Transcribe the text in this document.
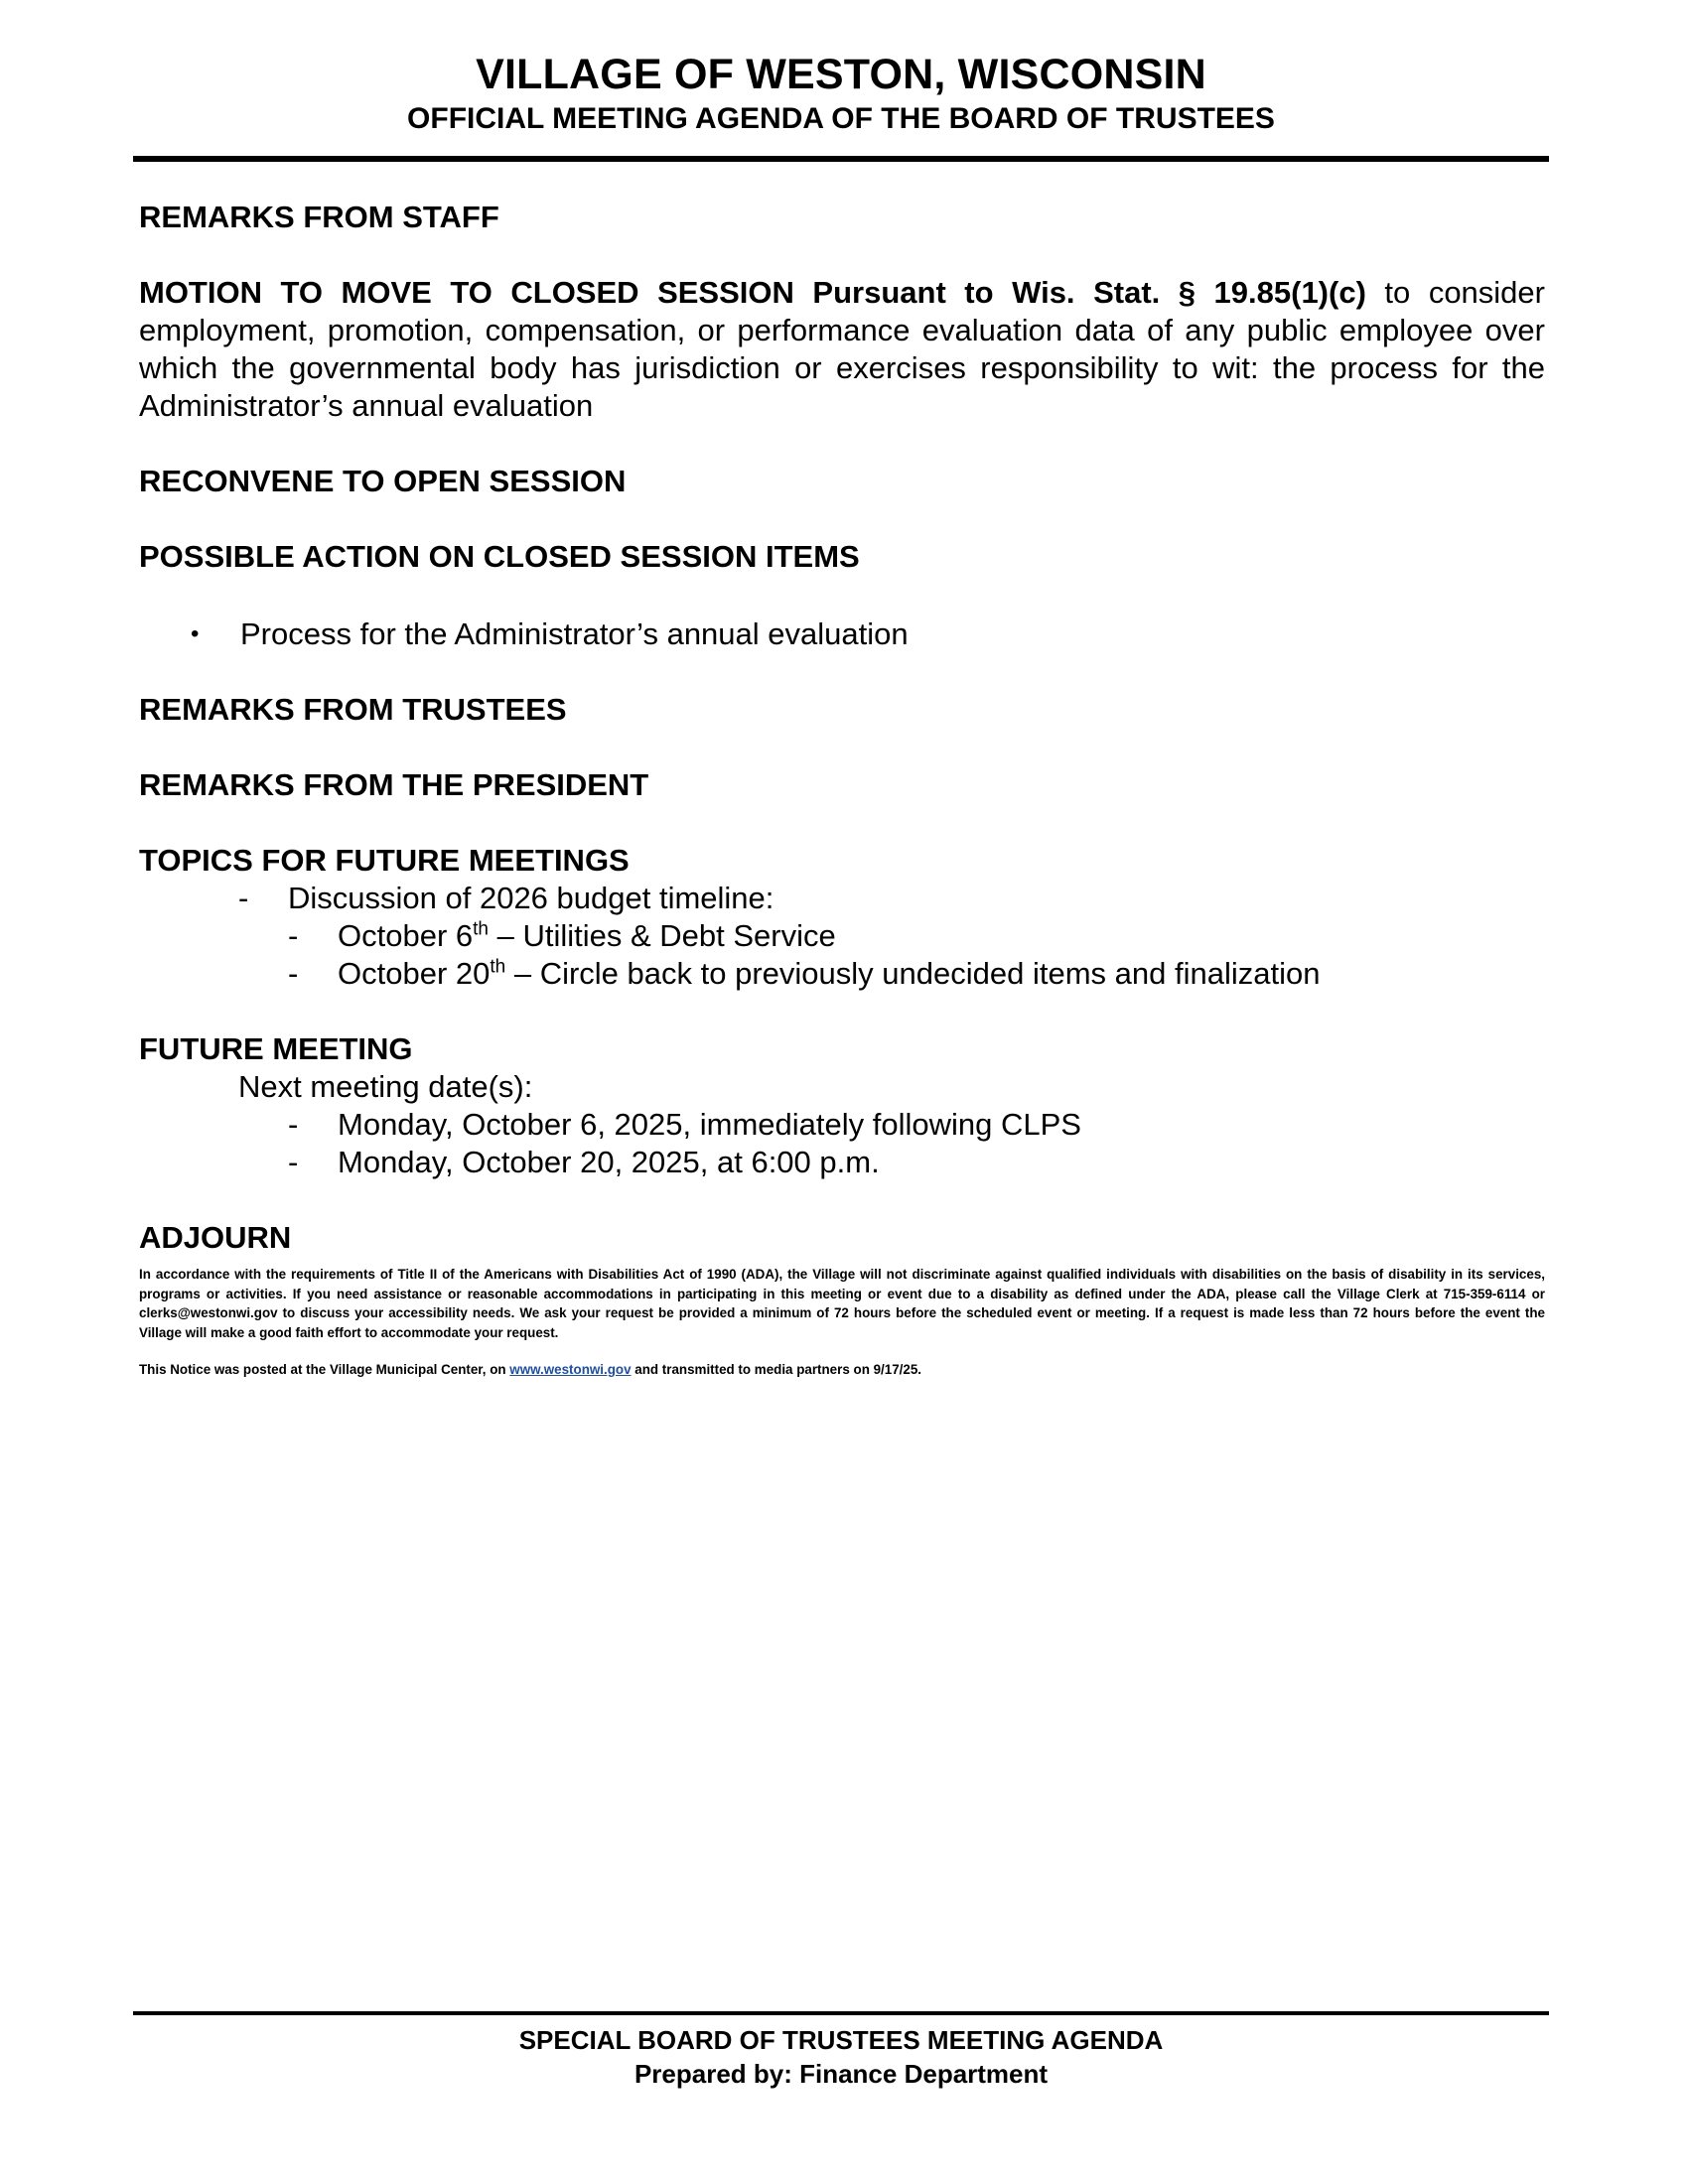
VILLAGE OF WESTON, WISCONSIN
OFFICIAL MEETING AGENDA OF THE BOARD OF TRUSTEES

REMARKS FROM STAFF

MOTION TO MOVE TO CLOSED SESSION Pursuant to Wis. Stat. § 19.85(1)(c) to consider employment, promotion, compensation, or performance evaluation data of any public employee over which the governmental body has jurisdiction or exercises responsibility to wit: the process for the Administrator’s annual evaluation

RECONVENE TO OPEN SESSION

POSSIBLE ACTION ON CLOSED SESSION ITEMS

• Process for the Administrator’s annual evaluation

REMARKS FROM TRUSTEES

REMARKS FROM THE PRESIDENT

TOPICS FOR FUTURE MEETINGS

- Discussion of 2026 budget timeline:

- October 6th – Utilities & Debt Service

- October 20th – Circle back to previously undecided items and finalization

FUTURE MEETING

Next meeting date(s):

- Monday, October 6, 2025, immediately following CLPS

- Monday, October 20, 2025, at 6:00 p.m.

ADJOURN

In accordance with the requirements of Title II of the Americans with Disabilities Act of 1990 (ADA), the Village will not discriminate against qualified individuals with disabilities on the basis of disability in its services, programs or activities. If you need assistance or reasonable accommodations in participating in this meeting or event due to a disability as defined under the ADA, please call the Village Clerk at 715-359-6114 or clerks@westonwi.gov to discuss your accessibility needs. We ask your request be provided a minimum of 72 hours before the scheduled event or meeting. If a request is made less than 72 hours before the event the Village will make a good faith effort to accommodate your request.

This Notice was posted at the Village Municipal Center, on www.westonwi.gov and transmitted to media partners on 9/17/25.

SPECIAL BOARD OF TRUSTEES MEETING AGENDA
Prepared by: Finance Department
